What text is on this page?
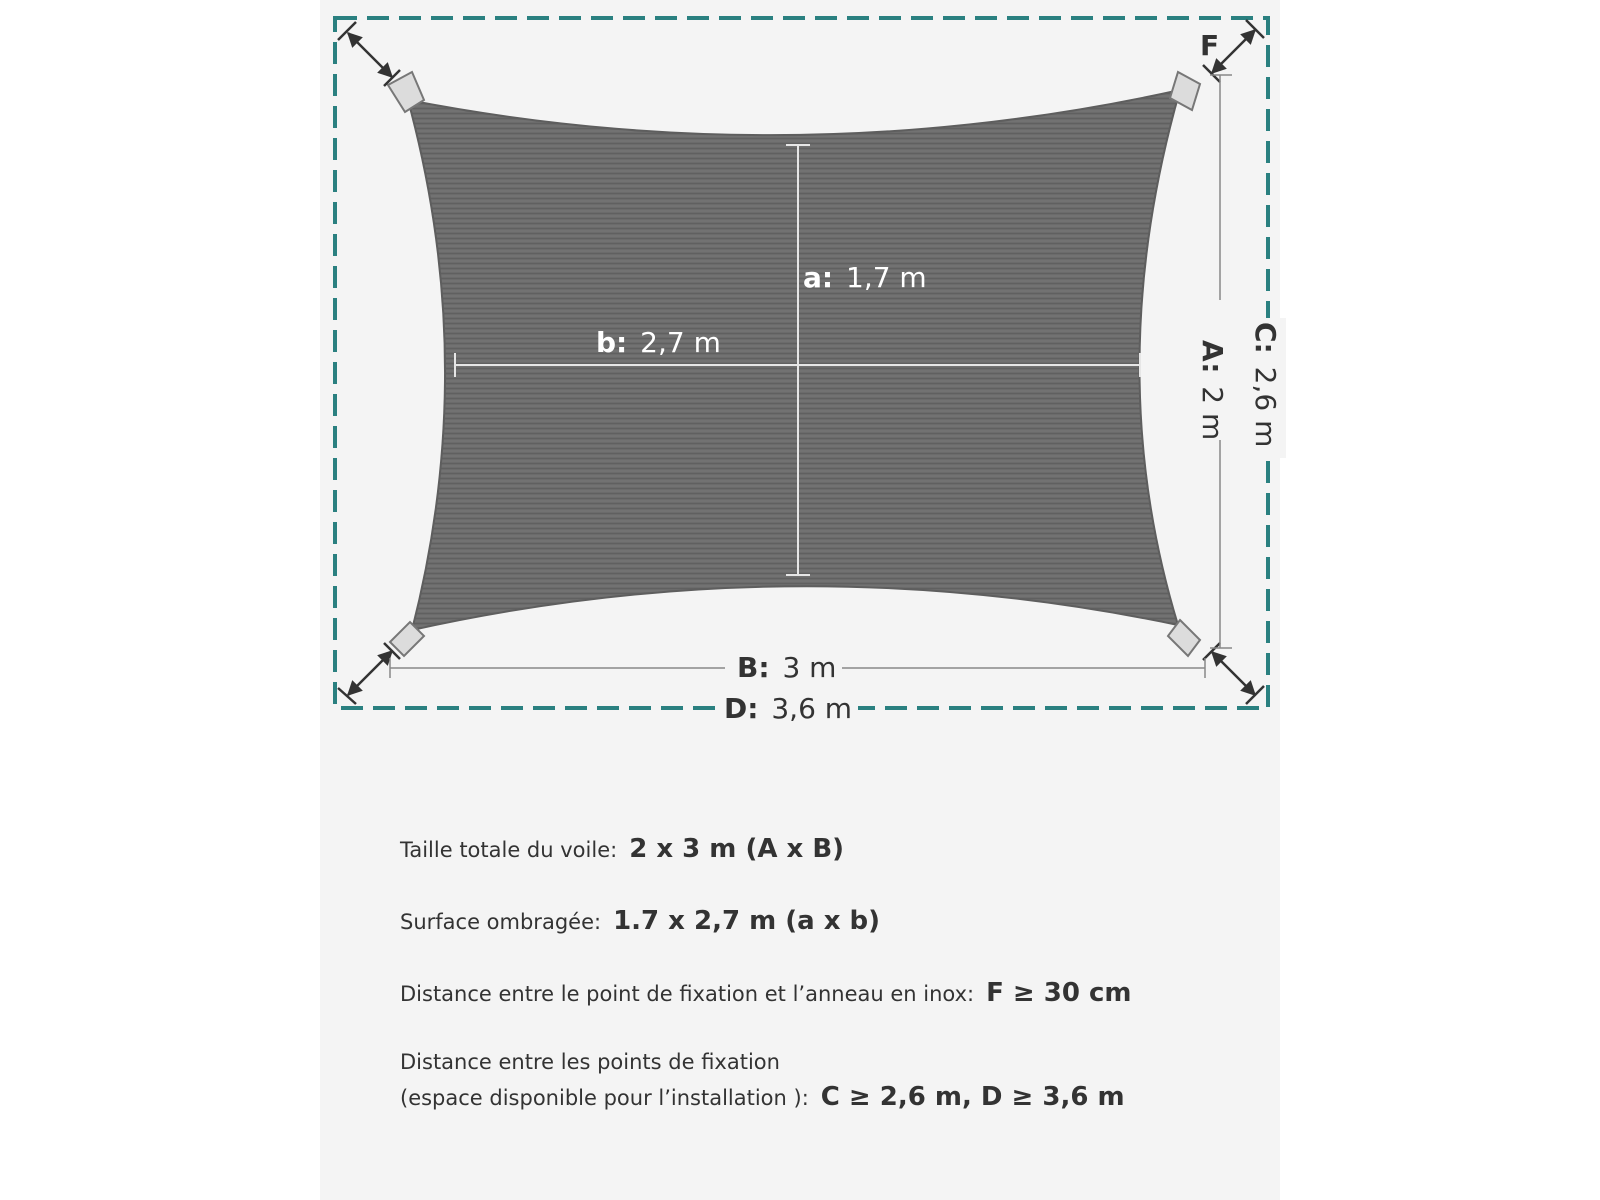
a: 1,7 m
b: 2,7 m
B: 3 m
D: 3,6 m
A: 2 m
C: 2,6 m
F
Taille totale du voile: 2 x 3 m (A x B)
Surface ombragée: 1.7 x 2,7 m (a x b)
Distance entre le point de fixation et l’anneau en inox: F ≥ 30 cm
Distance entre les points de fixation
(espace disponible pour l’installation ): C ≥ 2,6 m, D ≥ 3,6 m
